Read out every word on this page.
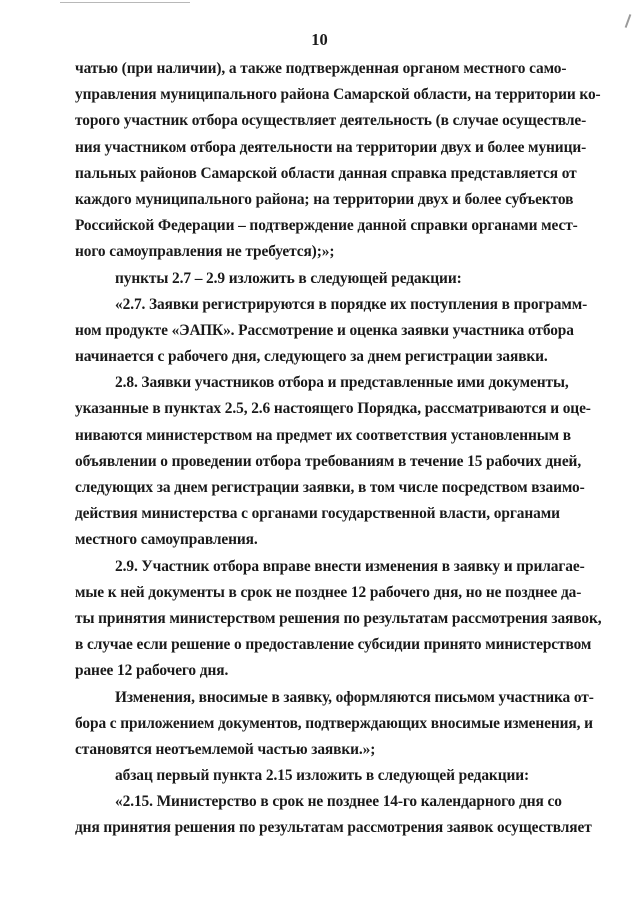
10
чатью (при наличии), а также подтвержденная органом местного само-
управления муниципального района Самарской области, на территории ко-
торого участник отбора осуществляет деятельность (в случае осуществле-
ния участником отбора деятельности на территории двух и более муници-
пальных районов Самарской области данная справка представляется от
каждого муниципального района; на территории двух и более субъектов
Российской Федерации – подтверждение данной справки органами мест-
ного самоуправления не требуется);»;
пункты 2.7 – 2.9 изложить в следующей редакции:
«2.7. Заявки регистрируются в порядке их поступления в программ-
ном продукте «ЭАПК». Рассмотрение и оценка заявки участника отбора
начинается с рабочего дня, следующего за днем регистрации заявки.
2.8. Заявки участников отбора и представленные ими документы,
указанные в пунктах 2.5, 2.6 настоящего Порядка, рассматриваются и оце-
ниваются министерством на предмет их соответствия установленным в
объявлении о проведении отбора требованиям в течение 15 рабочих дней,
следующих за днем регистрации заявки, в том числе посредством взаимо-
действия министерства с органами государственной власти, органами
местного самоуправления.
2.9. Участник отбора вправе внести изменения в заявку и прилагае-
мые к ней документы в срок не позднее 12 рабочего дня, но не позднее да-
ты принятия министерством решения по результатам рассмотрения заявок,
в случае если решение о предоставление субсидии принято министерством
ранее 12 рабочего дня.
Изменения, вносимые в заявку, оформляются письмом участника от-
бора с приложением документов, подтверждающих вносимые изменения, и
становятся неотъемлемой частью заявки.»;
абзац первый пункта 2.15 изложить в следующей редакции:
«2.15. Министерство в срок не позднее 14-го календарного дня со
дня принятия решения по результатам рассмотрения заявок осуществляет
